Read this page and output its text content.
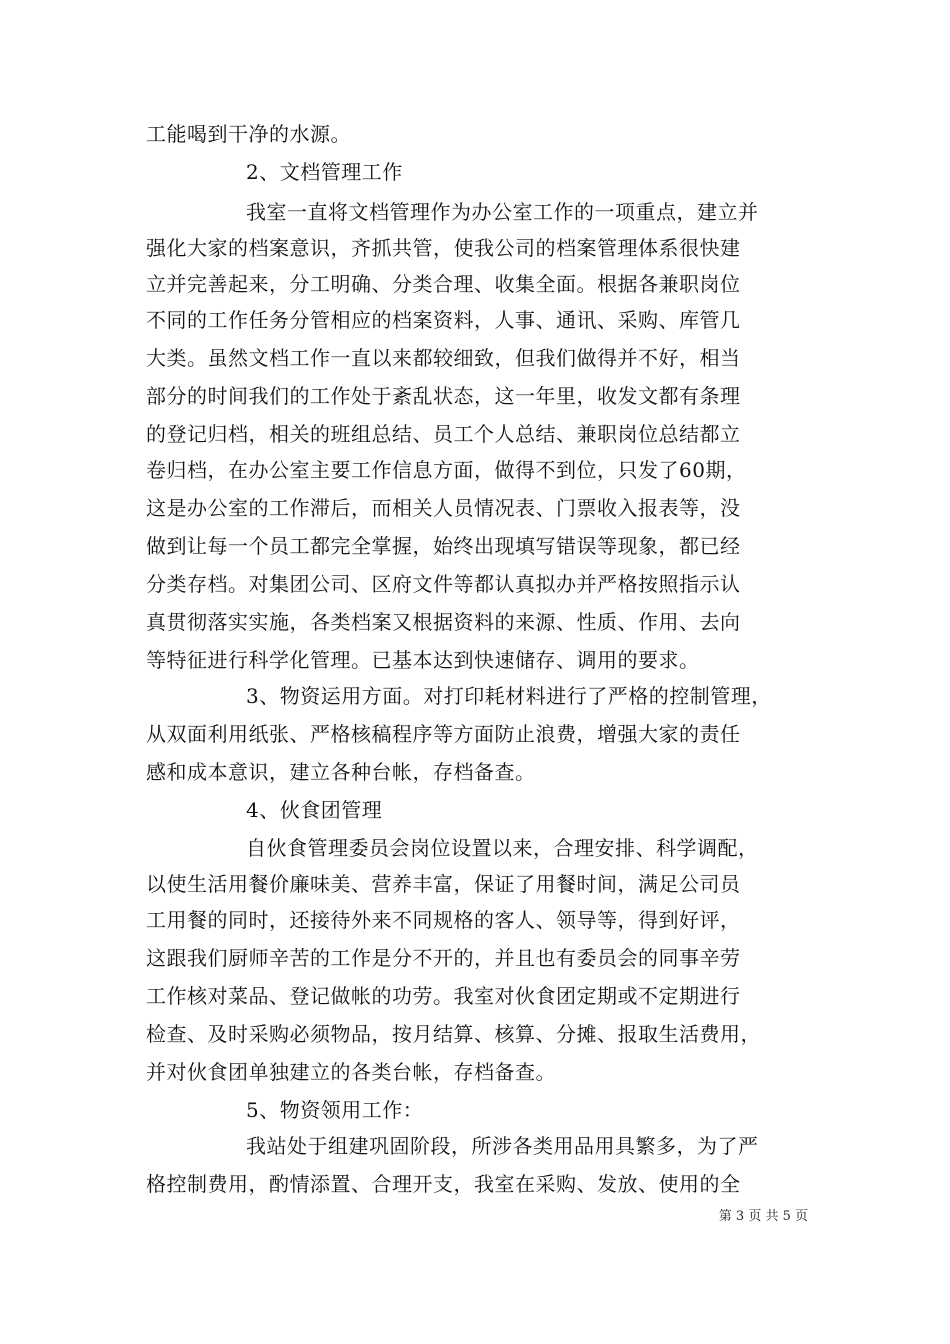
工能喝到干净的水源。
2、文档管理工作
我室一直将文档管理作为办公室工作的一项重点，建立并
强化大家的档案意识，齐抓共管，使我公司的档案管理体系很快建
立并完善起来，分工明确、分类合理、收集全面。根据各兼职岗位
不同的工作任务分管相应的档案资料，人事、通讯、采购、库管几
大类。虽然文档工作一直以来都较细致，但我们做得并不好，相当
部分的时间我们的工作处于紊乱状态，这一年里，收发文都有条理
的登记归档，相关的班组总结、员工个人总结、兼职岗位总结都立
卷归档，在办公室主要工作信息方面，做得不到位，只发了60期，
这是办公室的工作滞后，而相关人员情况表、门票收入报表等，没
做到让每一个员工都完全掌握，始终出现填写错误等现象，都已经
分类存档。对集团公司、区府文件等都认真拟办并严格按照指示认
真贯彻落实实施，各类档案又根据资料的来源、性质、作用、去向
等特征进行科学化管理。已基本达到快速储存、调用的要求。
3、物资运用方面。对打印耗材料进行了严格的控制管理，
从双面利用纸张、严格核稿程序等方面防止浪费，增强大家的责任
感和成本意识，建立各种台帐，存档备查。
4、伙食团管理
自伙食管理委员会岗位设置以来，合理安排、科学调配，
以使生活用餐价廉味美、营养丰富，保证了用餐时间，满足公司员
工用餐的同时，还接待外来不同规格的客人、领导等，得到好评，
这跟我们厨师辛苦的工作是分不开的，并且也有委员会的同事辛劳
工作核对菜品、登记做帐的功劳。我室对伙食团定期或不定期进行
检查、及时采购必须物品，按月结算、核算、分摊、报取生活费用，
并对伙食团单独建立的各类台帐，存档备查。
5、物资领用工作：
我站处于组建巩固阶段，所涉各类用品用具繁多，为了严
格控制费用，酌情添置、合理开支，我室在采购、发放、使用的全
第 3 页 共 5 页
